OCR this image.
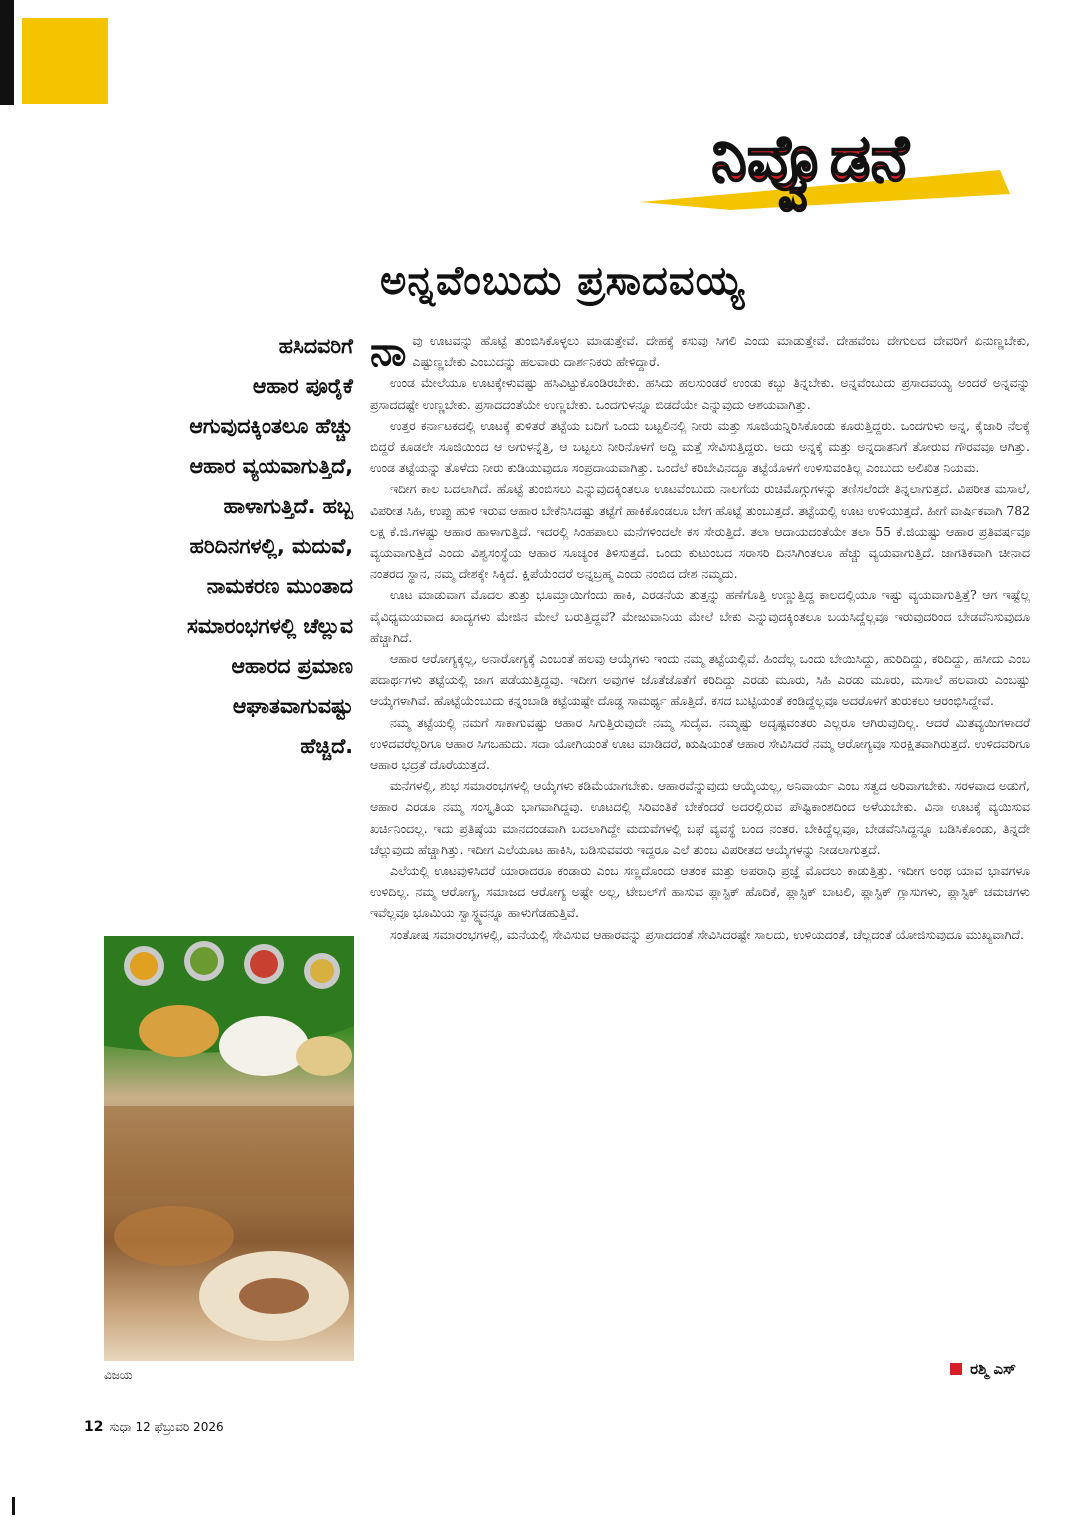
ನಿವ್ವೊಡನೆ
ಅನ್ನವೆಂಬುದು ಪ್ರಸಾದವಯ್ಯ
ಹಸಿದವರಿಗೆ
ಆಹಾರ ಪೂರೈಕೆ
ಆಗುವುದಕ್ಕಿಂತಲೂ ಹೆಚ್ಚು
ಆಹಾರ ವ್ಯಯವಾಗುತ್ತಿದೆ,
ಹಾಳಾಗುತ್ತಿದೆ. ಹಬ್ಬ
ಹರಿದಿನಗಳಲ್ಲಿ, ಮದುವೆ,
ನಾಮಕರಣ ಮುಂತಾದ
ಸಮಾರಂಭಗಳಲ್ಲಿ ಚೆಲ್ಲುವ
ಆಹಾರದ ಪ್ರಮಾಣ
ಆಘಾತವಾಗುವಷ್ಟು
ಹೆಚ್ಚಿದೆ.
ವಿಜಯ

ನಾವು ಊಟವನ್ನು ಹೊಟ್ಟೆ ತುಂಬಿಸಿಕೊಳ್ಳಲು ಮಾಡುತ್ತೇವೆ. ದೇಹಕ್ಕೆ ಕಸುವು ಸಿಗಲಿ ಎಂದು ಮಾಡುತ್ತೇವೆ. ದೇಹವೆಂಬ ದೇಗುಲದ ದೇವರಿಗೆ ಏನುಣ್ಣಬೇಕು, ಎಷ್ಟುಣ್ಣಬೇಕು ಎಂಬುದನ್ನು ಹಲವಾರು ದಾರ್ಶನಿಕರು ಹೇಳಿದ್ದಾರೆ.

ಉಂಡ ಮೇಲೆಯೂ ಊಟಕ್ಕೇಳುವಷ್ಟು ಹಸಿವಿಟ್ಟುಕೊಂಡಿರಬೇಕು. ಹಸಿದು ಹಲಸುಂಡರೆ ಉಂಡು ಕಬ್ಬು ತಿನ್ನಬೇಕು. ಅನ್ನವೆಂಬುದು ಪ್ರಸಾದವಯ್ಯ ಅಂದರೆ ಅನ್ನವನ್ನು ಪ್ರಸಾದದಷ್ಟೇ ಉಣ್ಣಬೇಕು. ಪ್ರಸಾದದಂತೆಯೇ ಉಣ್ಣಬೇಕು. ಒಂದಗುಳನ್ನೂ ಬಿಡದೆಯೇ ಎನ್ನುವುದು ಆಶಯವಾಗಿತ್ತು.

ಉತ್ತರ ಕರ್ನಾಟಕದಲ್ಲಿ ಊಟಕ್ಕೆ ಕುಳಿತರೆ ತಟ್ಟೆಯ ಬದಿಗೆ ಒಂದು ಬಟ್ಟಲಿನಲ್ಲಿ ನೀರು ಮತ್ತು ಸೂಜಿಯನ್ನಿರಿಸಿಕೊಂಡು ಕೂರುತ್ತಿದ್ದರು. ಒಂದಗುಳು ಅನ್ನ, ಕೈಜಾರಿ ನೆಲಕ್ಕೆ ಬಿದ್ದರೆ ಕೂಡಲೇ ಸೂಜಿಯಿಂದ ಆ ಅಗುಳನ್ನೆತ್ತಿ, ಆ ಬಟ್ಟಲು ನೀರಿನೊಳಗೆ ಅದ್ದಿ ಮತ್ತೆ ಸೇವಿಸುತ್ತಿದ್ದರು. ಅದು ಅನ್ನಕ್ಕೆ ಮತ್ತು ಅನ್ನದಾತನಿಗೆ ತೋರುವ ಗೌರವವೂ ಆಗಿತ್ತು. ಉಂಡ ತಟ್ಟೆಯನ್ನು ತೊಳೆದು ನೀರು ಕುಡಿಯುವುದೂ ಸಂಪ್ರದಾಯವಾಗಿತ್ತು. ಒಂದೆಲೆ ಕರಿಬೇವಿನದ್ದೂ ತಟ್ಟೆಯೊಳಗೆ ಉಳಿಸುವಂತಿಲ್ಲ ಎಂಬುದು ಅಲಿಖಿತ ನಿಯಮ.

ಇದೀಗ ಕಾಲ ಬದಲಾಗಿದೆ. ಹೊಟ್ಟೆ ತುಂಬಿಸಲು ಎನ್ನುವುದಕ್ಕಿಂತಲೂ ಊಟವೆಂಬುದು ನಾಲಗೆಯ ರುಚಿಮೊಗ್ಗುಗಳನ್ನು ತಣಿಸಲೆಂದೇ ತಿನ್ನಲಾಗುತ್ತದೆ. ವಿಪರೀತ ಮಸಾಲೆ, ವಿಪರೀತ ಸಿಹಿ, ಉಪ್ಪು ಹುಳಿ ಇರುವ ಆಹಾರ ಬೇಕೆನಿಸಿದಷ್ಟು ತಟ್ಟೆಗೆ ಹಾಕಿಕೊಂಡಲೂ ಬೇಗ ಹೊಟ್ಟೆ ತುಂಬುತ್ತದೆ. ತಟ್ಟೆಯಲ್ಲಿ ಊಟ ಉಳಿಯುತ್ತದೆ. ಹೀಗೆ ವಾರ್ಷಿಕವಾಗಿ 782 ಲಕ್ಷ ಕೆ.ಜಿ.ಗಳಷ್ಟು ಆಹಾರ ಹಾಳಾಗುತ್ತಿದೆ. ಇದರಲ್ಲಿ ಸಿಂಹಪಾಲು ಮನೆಗಳಿಂದಲೇ ಕಸ ಸೇರುತ್ತಿದೆ. ತಲಾ ಆದಾಯದಂತೆಯೇ ತಲಾ 55 ಕೆ.ಜಿಯಷ್ಟು ಆಹಾರ ಪ್ರತಿವರ್ಷವೂ ವ್ಯಯವಾಗುತ್ತಿದೆ ಎಂದು ವಿಶ್ವಸಂಸ್ಥೆಯ ಆಹಾರ ಸೂಚ್ಯಂಕ ತಿಳಿಸುತ್ತದೆ. ಒಂದು ಕುಟುಂಬದ ಸರಾಸರಿ ದಿನಸಿಗಿಂತಲೂ ಹೆಚ್ಚು ವ್ಯಯವಾಗುತ್ತಿದೆ. ಜಾಗತಿಕವಾಗಿ ಚೀನಾದ ನಂತರದ ಸ್ಥಾನ, ನಮ್ಮ ದೇಶಕ್ಕೇ ಸಿಕ್ಕಿದೆ. ಕ್ಷಿಪೆಯೆಂದರೆ ಅನ್ನಬ್ರಹ್ಮ ಎಂದು ನಂಬಿದ ದೇಶ ನಮ್ಮದು.

ಊಟ ಮಾಡುವಾಗ ಮೊದಲ ತುತ್ತು ಭೂಮ್ತಾಯಿಗೆಂದು ಹಾಕಿ, ಎರಡನೆಯ ತುತ್ತನ್ನು ಹಣೆಗೊತ್ತಿ ಉಣ್ಣುತ್ತಿದ್ದ ಕಾಲದಲ್ಲಿಯೂ ಇಷ್ಟು ವ್ಯಯವಾಗುತ್ತಿತ್ತೆ? ಆಗ ಇಷ್ಟೆಲ್ಲ ವೈವಿಧ್ಯಮಯವಾದ ಖಾದ್ಯಗಳು ಮೇಜಿನ ಮೇಲೆ ಬರುತ್ತಿದ್ದವೆ? ಮೇಜುವಾನಿಯ ಮೇಲೆ ಬೇಕು ಎನ್ನುವುದಕ್ಕಿಂತಲೂ ಬಯಸಿದ್ದೆಲ್ಲವೂ ಇರುವುದರಿಂದ ಬೇಡವೆನಿಸುವುದೂ ಹೆಚ್ಚಾಗಿದೆ.

ಆಹಾರ ಆರೋಗ್ಯಕ್ಕಲ್ಲ, ಅನಾರೋಗ್ಯಕ್ಕೆ ಎಂಬಂತೆ ಹಲವು ಆಯ್ಕೆಗಳು ಇಂದು ನಮ್ಮ ತಟ್ಟೆಯಲ್ಲಿವೆ. ಹಿಂದೆಲ್ಲ ಒಂದು ಬೇಯಿಸಿದ್ದು, ಹುರಿದಿದ್ದು, ಕರಿದಿದ್ದು, ಹಸೀದು ಎಂಬ ಪದಾರ್ಥಗಳು ತಟ್ಟೆಯಲ್ಲಿ ಜಾಗ ಪಡೆಯುತ್ತಿದ್ದವು. ಇದೀಗ ಅವುಗಳ ಜೊತೆಜೊತೆಗೆ ಕರಿದಿದ್ದು ಎರಡು ಮೂರು, ಸಿಹಿ ಎರಡು ಮೂರು, ಮಸಾಲೆ ಹಲವಾರು ಎಂಬಷ್ಟು ಆಯ್ಕೆಗಳಾಗಿವೆ. ಹೊಟ್ಟೆಯೆಂಬುದು ಕನ್ನಂಬಾಡಿ ಕಟ್ಟೆಯಷ್ಟೇ ದೊಡ್ಡ ಸಾಮರ್ಥ್ಯ ಹೊತ್ತಿದೆ. ಕಸದ ಬುಟ್ಟಿಯಂತೆ ಕಂಡಿದ್ದೆಲ್ಲವೂ ಅದರೊಳಗೆ ತುರುಕಲು ಆರಂಭಿಸಿದ್ದೇವೆ.

ನಮ್ಮ ತಟ್ಟೆಯಲ್ಲಿ ನಮಗೆ ಸಾಕಾಗುವಷ್ಟು ಆಹಾರ ಸಿಗುತ್ತಿರುವುದೇ ನಮ್ಮ ಸುದೈವ. ನಮ್ಮಷ್ಟು ಅದೃಷ್ಟವಂತರು ಎಲ್ಲರೂ ಆಗಿರುವುದಿಲ್ಲ. ಆದರೆ ಮಿತವ್ಯಯಿಗಳಾದರೆ ಉಳಿದವರೆಲ್ಲರಿಗೂ ಆಹಾರ ಸಿಗಬಹುದು. ಸದಾ ಯೋಗಿಯಂತೆ ಊಟ ಮಾಡಿದರೆ, ಋಷಿಯಂತೆ ಆಹಾರ ಸೇವಿಸಿದರೆ ನಮ್ಮ ಆರೋಗ್ಯವೂ ಸುರಕ್ಷಿತವಾಗಿರುತ್ತದೆ. ಉಳಿದವರಿಗೂ ಆಹಾರ ಭದ್ರತೆ ದೊರೆಯುತ್ತದೆ.

ಮನೆಗಳಲ್ಲಿ, ಶುಭ ಸಮಾರಂಭಗಳಲ್ಲಿ ಆಯ್ಕೆಗಳು ಕಡಿಮೆಯಾಗಬೇಕು. ಆಹಾರವೆನ್ನುವುದು ಆಯ್ಕೆಯಲ್ಲ, ಅನಿವಾರ್ಯ ಎಂಬ ಸತ್ವದ ಅರಿವಾಗಬೇಕು. ಸರಳವಾದ ಅಡುಗೆ, ಆಹಾರ ಎರಡೂ ನಮ್ಮ ಸಂಸ್ಕೃತಿಯ ಭಾಗವಾಗಿದ್ದವು. ಊಟದಲ್ಲಿ ಸಿರಿವಂತಿಕೆ ಬೇಕೆಂದರೆ ಅದರಲ್ಲಿರುವ ಪೌಷ್ಟಿಕಾಂಶದಿಂದ ಅಳೆಯಬೇಕು. ವಿನಾ ಊಟಕ್ಕೆ ವ್ಯಯಿಸುವ ಖರ್ಚಿನಿಂದಲ್ಲ. ಇದು ಪ್ರತಿಷ್ಠೆಯ ಮಾನದಂಡವಾಗಿ ಬದಲಾಗಿದ್ದೇ ಮದುವೆಗಳಲ್ಲಿ ಬಫೆ ವ್ಯವಸ್ಥೆ ಬಂದ ನಂತರ. ಬೇಕಿದ್ದೆಲ್ಲವೂ, ಬೇಡವೆನಿಸಿದ್ದನ್ನೂ ಬಡಿಸಿಕೊಂಡು, ತಿನ್ನದೇ ಚೆಲ್ಲುವುದು ಹೆಚ್ಚಾಗಿತ್ತು. ಇದೀಗ ಎಲೆಯೂಟ ಹಾಕಿಸಿ, ಬಡಿಸುವವರು ಇದ್ದರೂ ಎಲೆ ತುಂಬ ವಿಪರೀತದ ಆಯ್ಕೆಗಳನ್ನು ನೀಡಲಾಗುತ್ತದೆ.

ಎಲೆಯಲ್ಲಿ ಊಟವುಳಿಸಿದರೆ ಯಾರಾದರೂ ಕಂಡಾರು ಎಂಬ ಸಣ್ಣದೊಂದು ಆತಂಕ ಮತ್ತು ಅಪರಾಧಿ ಪ್ರಜ್ಞೆ ಮೊದಲು ಕಾಡುತ್ತಿತ್ತು. ಇದೀಗ ಅಂಥ ಯಾವ ಭಾವಗಳೂ ಉಳಿದಿಲ್ಲ. ನಮ್ಮ ಆರೋಗ್ಯ, ಸಮಾಜದ ಆರೋಗ್ಯ ಅಷ್ಟೇ ಅಲ್ಲ, ಟೇಬಲ್‌ಗೆ ಹಾಸುವ ಪ್ಲಾಸ್ಟಿಕ್ ಹೊದಿಕೆ, ಪ್ಲಾಸ್ಟಿಕ್ ಬಾಟಲಿ, ಪ್ಲಾಸ್ಟಿಕ್ ಗ್ಲಾಸುಗಳು, ಪ್ಲಾಸ್ಟಿಕ್ ಚಮಚಗಳು ಇವೆಲ್ಲವೂ ಭೂಮಿಯ ಸ್ವಾಸ್ಥ್ಯವನ್ನೂ ಹಾಳುಗೆಡಹುತ್ತಿವೆ.

ಸಂತೋಷ ಸಮಾರಂಭಗಳಲ್ಲಿ, ಮನೆಯಲ್ಲಿ ಸೇವಿಸುವ ಆಹಾರವನ್ನು ಪ್ರಸಾದದಂತೆ ಸೇವಿಸಿದರಷ್ಟೇ ಸಾಲದು, ಉಳಿಯದಂತೆ, ಚೆಲ್ಲದಂತೆ ಯೋಜಿಸುವುದೂ ಮುಖ್ಯವಾಗಿದೆ.

ರಶ್ಮಿ ಎಸ್
12 ಸುಧಾ 12 ಫೆಬ್ರುವರಿ 2026
